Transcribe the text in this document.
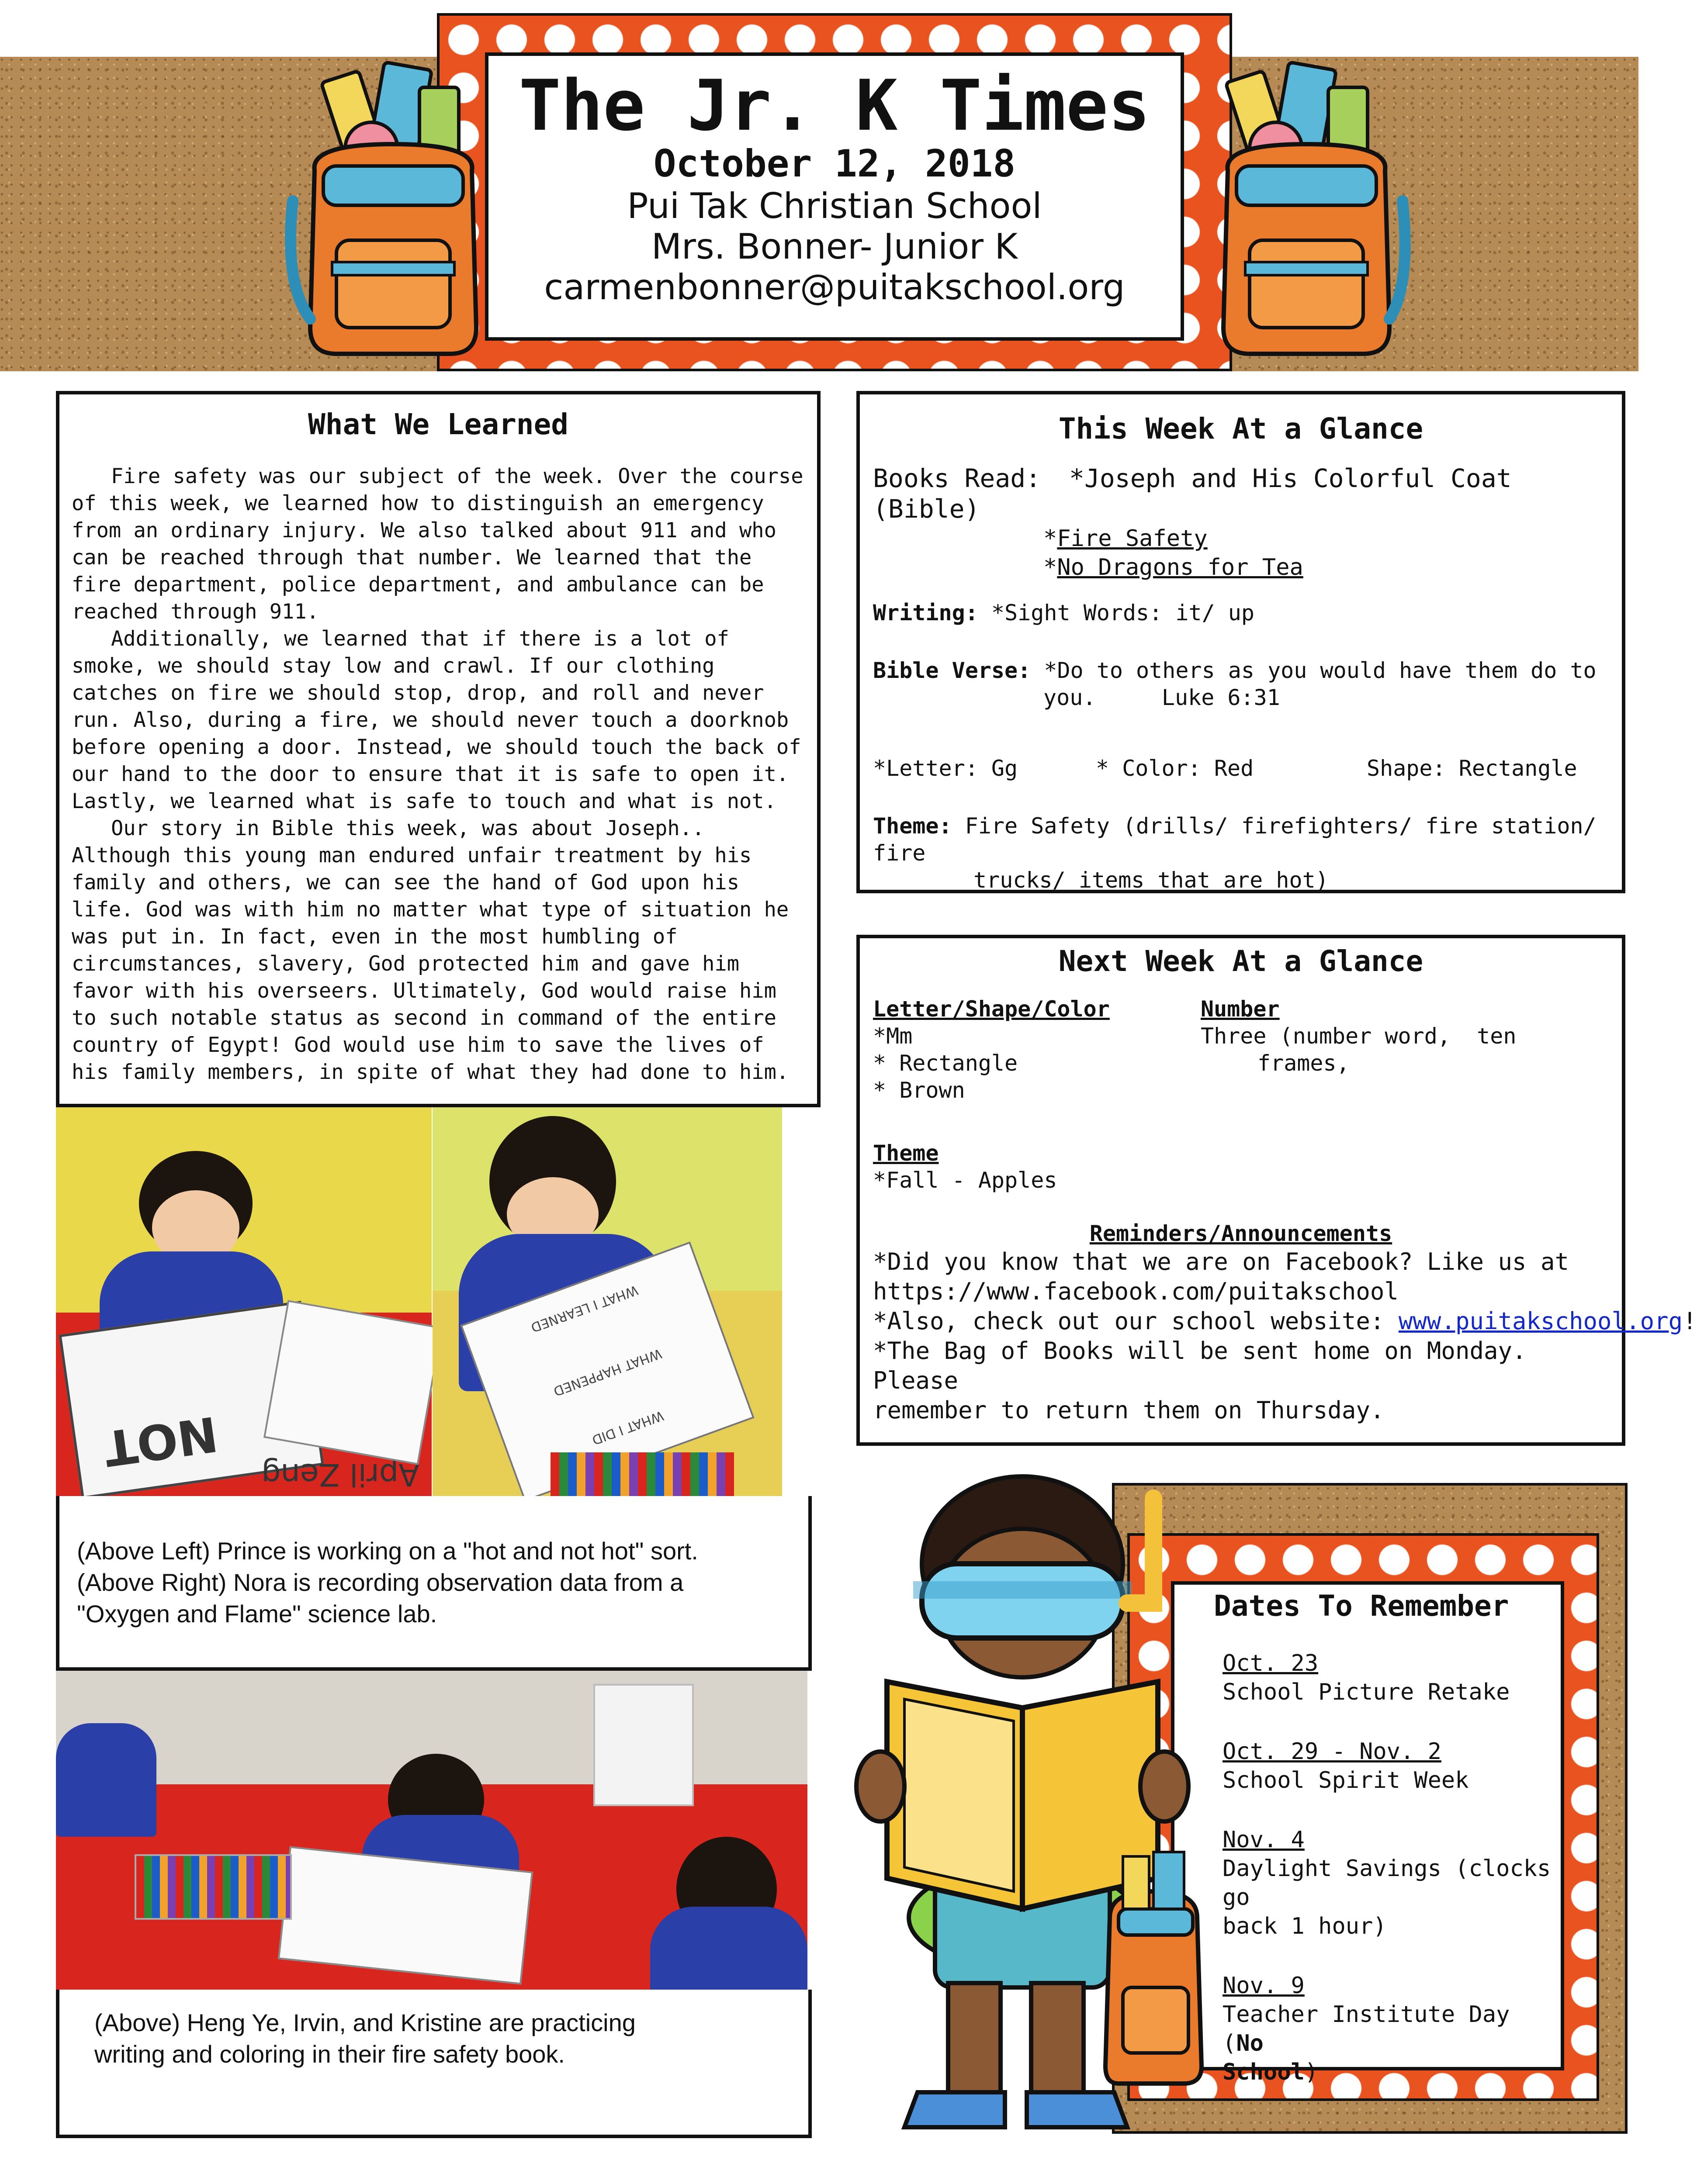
The Jr. K Times
October 12, 2018
Pui Tak Christian School
Mrs. Bonner- Junior K
carmenbonner@puitakschool.org
What We Learned

Fire safety was our subject of the week. Over the course of this week, we learned how to distinguish an emergency from an ordinary injury. We also talked about 911 and who can be reached through that number. We learned that the fire department, police department, and ambulance can be reached through 911.

Additionally, we learned that if there is a lot of smoke, we should stay low and crawl. If our clothing catches on fire we should stop, drop, and roll and never run. Also, during a fire, we should never touch a doorknob before opening a door. Instead, we should touch the back of our hand to the door to ensure that it is safe to open it. Lastly, we learned what is safe to touch and what is not.

Our story in Bible this week, was about Joseph.. Although this young man endured unfair treatment by his family and others, we can see the hand of God upon his life. God was with him no matter what type of situation he was put in. In fact, even in the most humbling of circumstances, slavery, God protected him and gave him favor with his overseers. Ultimately, God would raise him to such notable status as second in command of the entire country of Egypt! God would use him to save the lives of his family members, in spite of what they had done to him.

NOT April Zeng
WHAT I LEARNED
WHAT HAPPENED
WHAT I DID
(Above Left) Prince is working on a "hot and not hot" sort.
(Above Right) Nora is recording observation data from a
"Oxygen and Flame" science lab.
(Above) Heng Ye, Irvin, and Kristine are practicing
writing and coloring in their fire safety book.
This Week At a Glance
Books Read: *Joseph and His Colorful Coat (Bible)
*Fire Safety
*No Dragons for Tea
Writing: *Sight Words: it/ up
Bible Verse: *Do to others as you would have them do to
you.     Luke 6:31
*Letter: Gg	* Color: Red	Shape: Rectangle
Theme: Fire Safety (drills/ firefighters/ fire station/ fire
trucks/ items that are hot)
Next Week At a Glance
Letter/Shape/Color
*Mm
* Rectangle
* Brown
Number
Three (number word,  ten
frames,
Theme
*Fall - Apples
Reminders/Announcements
*Did you know that we are on Facebook? Like us at
https://www.facebook.com/puitakschool
*Also, check out our school website: www.puitakschool.org!
*The Bag of Books will be sent home on Monday. Please
remember to return them on Thursday.
Dates To Remember
Oct. 23
School Picture Retake
Oct. 29 - Nov. 2
School Spirit Week
Nov. 4
Daylight Savings (clocks go
back 1 hour)
Nov. 9
Teacher Institute Day (No
School)
